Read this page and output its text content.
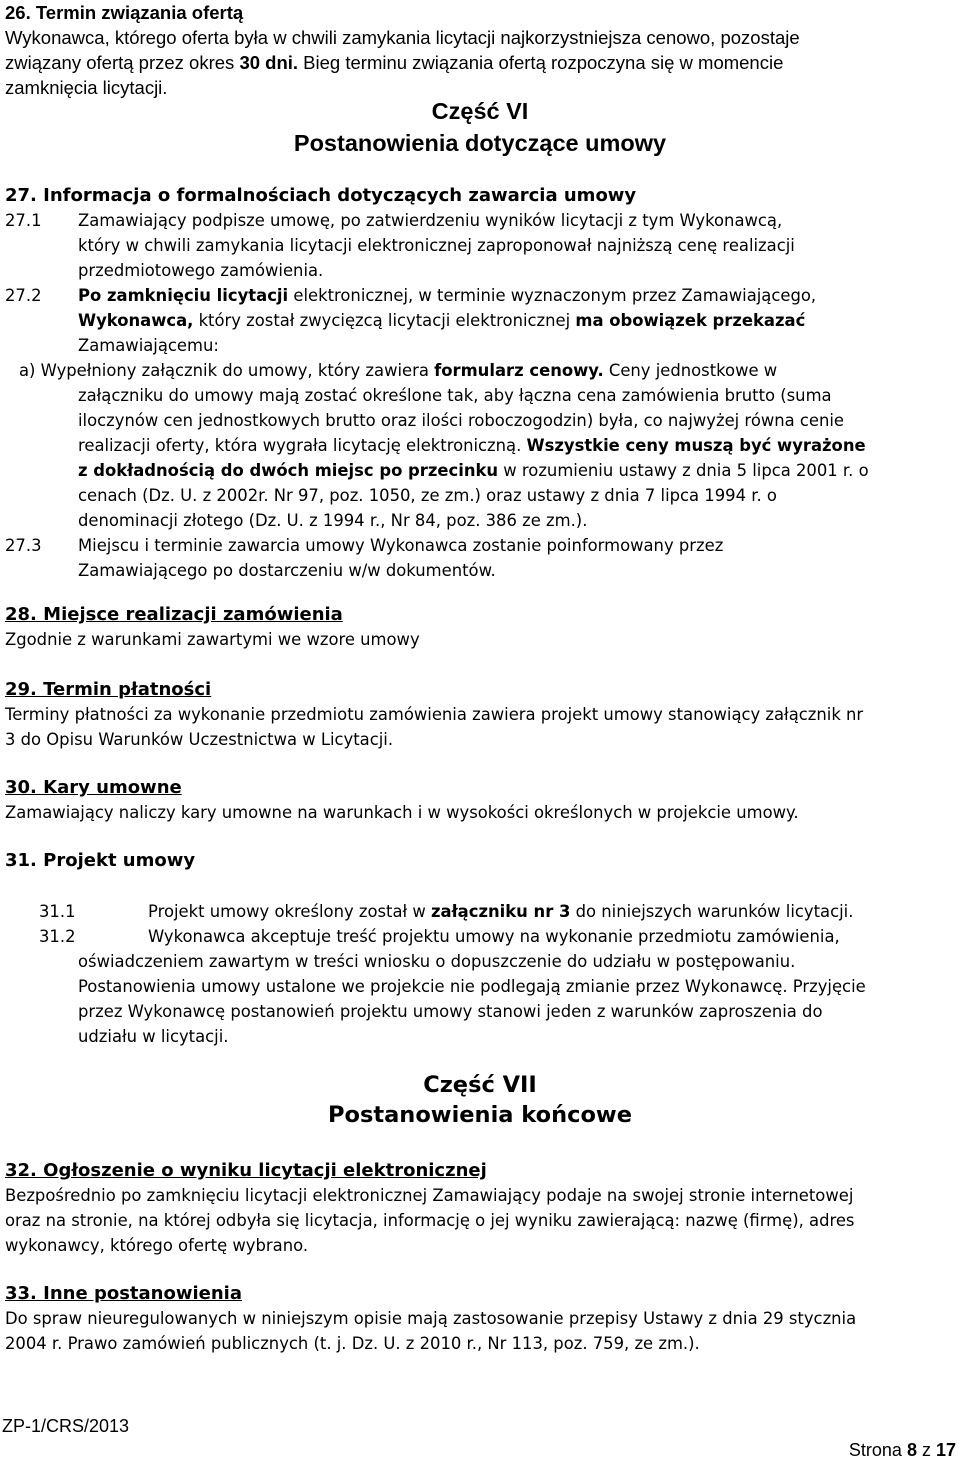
26. Termin związania ofertą
Wykonawca, którego oferta była w chwili zamykania licytacji najkorzystniejsza cenowo, pozostaje
związany ofertą przez okres 30 dni. Bieg terminu związania ofertą rozpoczyna się w momencie
zamknięcia licytacji.
Część VI
Postanowienia dotyczące umowy
27. Informacja o formalnościach dotyczących zawarcia umowy
27.1 Zamawiający podpisze umowę, po zatwierdzeniu wyników licytacji z tym Wykonawcą,
który w chwili zamykania licytacji elektronicznej zaproponował najniższą cenę realizacji
przedmiotowego zamówienia.
27.2 Po zamknięciu licytacji elektronicznej, w terminie wyznaczonym przez Zamawiającego,
Wykonawca, który został zwycięzcą licytacji elektronicznej ma obowiązek przekazać
Zamawiającemu:
a) Wypełniony załącznik do umowy, który zawiera formularz cenowy. Ceny jednostkowe w
załączniku do umowy mają zostać określone tak, aby łączna cena zamówienia brutto (suma
iloczynów cen jednostkowych brutto oraz ilości roboczogodzin) była, co najwyżej równa cenie
realizacji oferty, która wygrała licytację elektroniczną. Wszystkie ceny muszą być wyrażone
z dokładnością do dwóch miejsc po przecinku w rozumieniu ustawy z dnia 5 lipca 2001 r. o
cenach (Dz. U. z 2002r. Nr 97, poz. 1050, ze zm.) oraz ustawy z dnia 7 lipca 1994 r. o
denominacji złotego (Dz. U. z 1994 r., Nr 84, poz. 386 ze zm.).
27.3 Miejscu i terminie zawarcia umowy Wykonawca zostanie poinformowany przez
Zamawiającego po dostarczeniu w/w dokumentów.
28. Miejsce realizacji zamówienia
Zgodnie z warunkami zawartymi we wzore umowy
29. Termin płatności
Terminy płatności za wykonanie przedmiotu zamówienia zawiera projekt umowy stanowiący załącznik nr
3 do Opisu Warunków Uczestnictwa w Licytacji.
30. Kary umowne
Zamawiający naliczy kary umowne na warunkach i w wysokości określonych w projekcie umowy.
31. Projekt umowy
31.1	Projekt umowy określony został w załączniku nr 3 do niniejszych warunków licytacji.
31.2	Wykonawca akceptuje treść projektu umowy na wykonanie przedmiotu zamówienia,
oświadczeniem zawartym w treści wniosku o dopuszczenie do udziału w postępowaniu.
Postanowienia umowy ustalone we projekcie nie podlegają zmianie przez Wykonawcę. Przyjęcie
przez Wykonawcę postanowień projektu umowy stanowi jeden z warunków zaproszenia do
udziału w licytacji.
Część VII
Postanowienia końcowe
32. Ogłoszenie o wyniku licytacji elektronicznej
Bezpośrednio po zamknięciu licytacji elektronicznej Zamawiający podaje na swojej stronie internetowej
oraz na stronie, na której odbyła się licytacja, informację o jej wyniku zawierającą: nazwę (firmę), adres
wykonawcy, którego ofertę wybrano.
33. Inne postanowienia
Do spraw nieuregulowanych w niniejszym opisie mają zastosowanie przepisy Ustawy z dnia 29 stycznia
2004 r. Prawo zamówień publicznych (t. j. Dz. U. z 2010 r., Nr 113, poz. 759, ze zm.).
ZP-1/CRS/2013
Strona 8 z 17
